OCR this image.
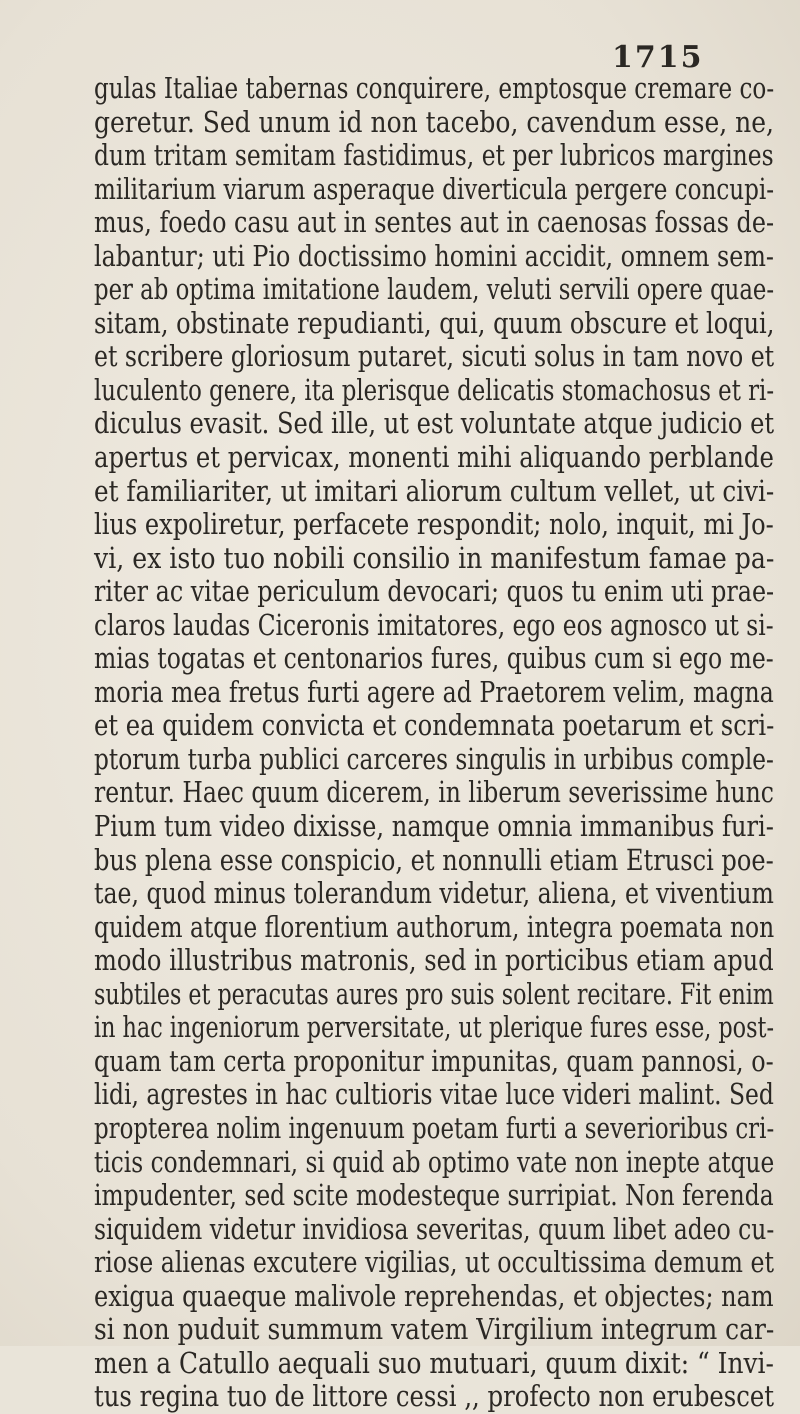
1715
gulas Italiae tabernas conquirere, emptosque cremare co-
geretur. Sed unum id non tacebo, cavendum esse, ne,
dum tritam semitam fastidimus, et per lubricos margines
militarium viarum asperaque diverticula pergere concupi-
mus, foedo casu aut in sentes aut in caenosas fossas de-
labantur; uti Pio doctissimo homini accidit, omnem sem-
per ab optima imitatione laudem, veluti servili opere quae-
sitam, obstinate repudianti, qui, quum obscure et loqui,
et scribere gloriosum putaret, sicuti solus in tam novo et
luculento genere, ita plerisque delicatis stomachosus et ri-
diculus evasit. Sed ille, ut est voluntate atque judicio et
apertus et pervicax, monenti mihi aliquando perblande
et familiariter, ut imitari aliorum cultum vellet, ut civi-
lius expoliretur, perfacete respondit; nolo, inquit, mi Jo-
vi, ex isto tuo nobili consilio in manifestum famae pa-
riter ac vitae periculum devocari; quos tu enim uti prae-
claros laudas Ciceronis imitatores, ego eos agnosco ut si-
mias togatas et centonarios fures, quibus cum si ego me-
moria mea fretus furti agere ad Praetorem velim, magna
et ea quidem convicta et condemnata poetarum et scri-
ptorum turba publici carceres singulis in urbibus comple-
rentur. Haec quum dicerem, in liberum severissime hunc
Pium tum video dixisse, namque omnia immanibus furi-
bus plena esse conspicio, et nonnulli etiam Etrusci poe-
tae, quod minus tolerandum videtur, aliena, et viventium
quidem atque florentium authorum, integra poemata non
modo illustribus matronis, sed in porticibus etiam apud
subtiles et peracutas aures pro suis solent recitare. Fit enim
in hac ingeniorum perversitate, ut plerique fures esse, post-
quam tam certa proponitur impunitas, quam pannosi, o-
lidi, agrestes in hac cultioris vitae luce videri malint. Sed
propterea nolim ingenuum poetam furti a severioribus cri-
ticis condemnari, si quid ab optimo vate non inepte atque
impudenter, sed scite modesteque surripiat. Non ferenda
siquidem videtur invidiosa severitas, quum libet adeo cu-
riose alienas excutere vigilias, ut occultissima demum et
exigua quaeque malivole reprehendas, et objectes; nam
si non puduit summum vatem Virgilium integrum car-
men a Catullo aequali suo mutuari, quum dixit: “ Invi-
tus regina tuo de littore cessi ,, profecto non erubescet
